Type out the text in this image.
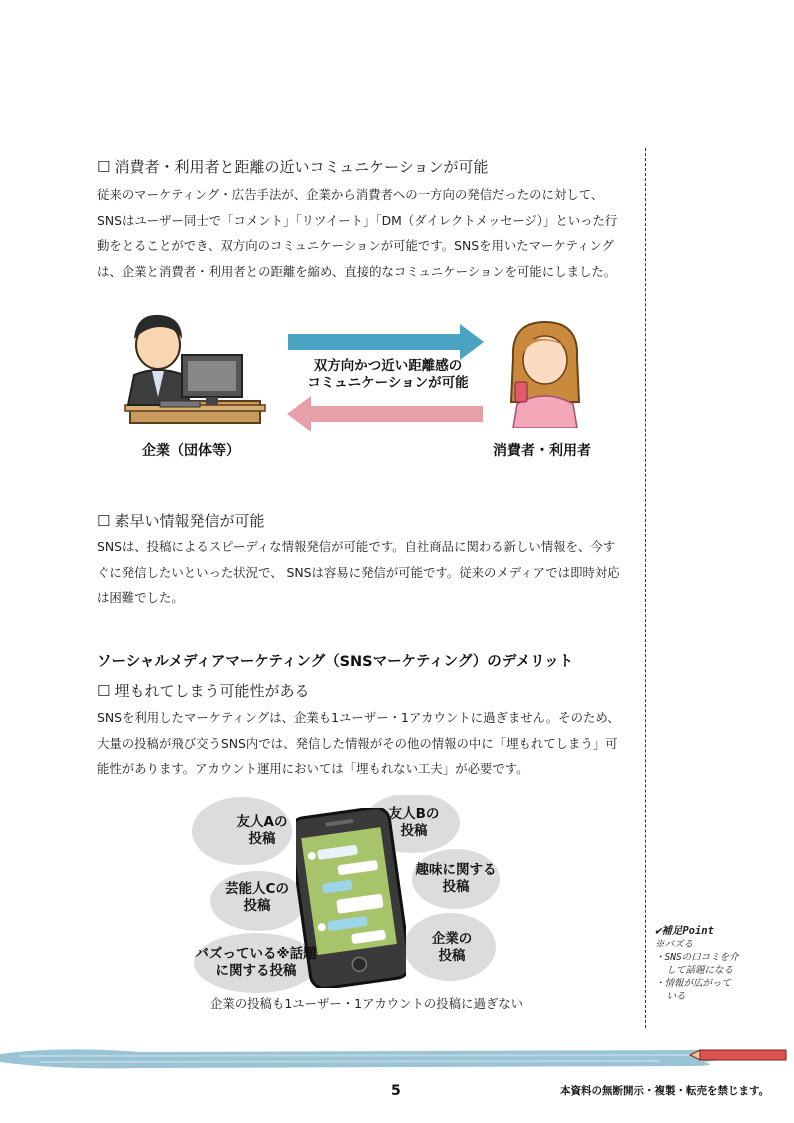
☐ 消費者・利用者と距離の近いコミュニケーションが可能
従来のマーケティング・広告手法が、企業から消費者への一方向の発信だったのに対して、SNSはユーザー同士で「コメント」「リツイート」「DM（ダイレクトメッセージ）」といった行動をとることができ、双方向のコミュニケーションが可能です。SNSを用いたマーケティングは、企業と消費者・利用者との距離を縮め、直接的なコミュニケーションを可能にしました。
双方向かつ近い距離感の
コミュニケーションが可能
企業（団体等）	消費者・利用者
☐ 素早い情報発信が可能
SNSは、投稿によるスピーディな情報発信が可能です。自社商品に関わる新しい情報を、今すぐに発信したいといった状況で、 SNSは容易に発信が可能です。従来のメディアでは即時対応は困難でした。
ソーシャルメディアマーケティング（SNSマーケティング）のデメリット
☐ 埋もれてしまう可能性がある
SNSを利用したマーケティングは、企業も1ユーザー・1アカウントに過ぎません。そのため、大量の投稿が飛び交うSNS内では、発信した情報がその他の情報の中に「埋もれてしまう」可能性があります。アカウント運用においては「埋もれない工夫」が必要です。
友人Aの
投稿
友人Bの
投稿
芸能人Cの
投稿
趣味に関する
投稿
バズっている※話題
に関する投稿
企業の
投稿
企業の投稿も1ユーザー・1アカウントの投稿に過ぎない
✔補足Point
※バズる
・SNSの口コミを介
して話題になる
・情報が広がって
いる
5	本資料の無断開示・複製・転売を禁じます。
